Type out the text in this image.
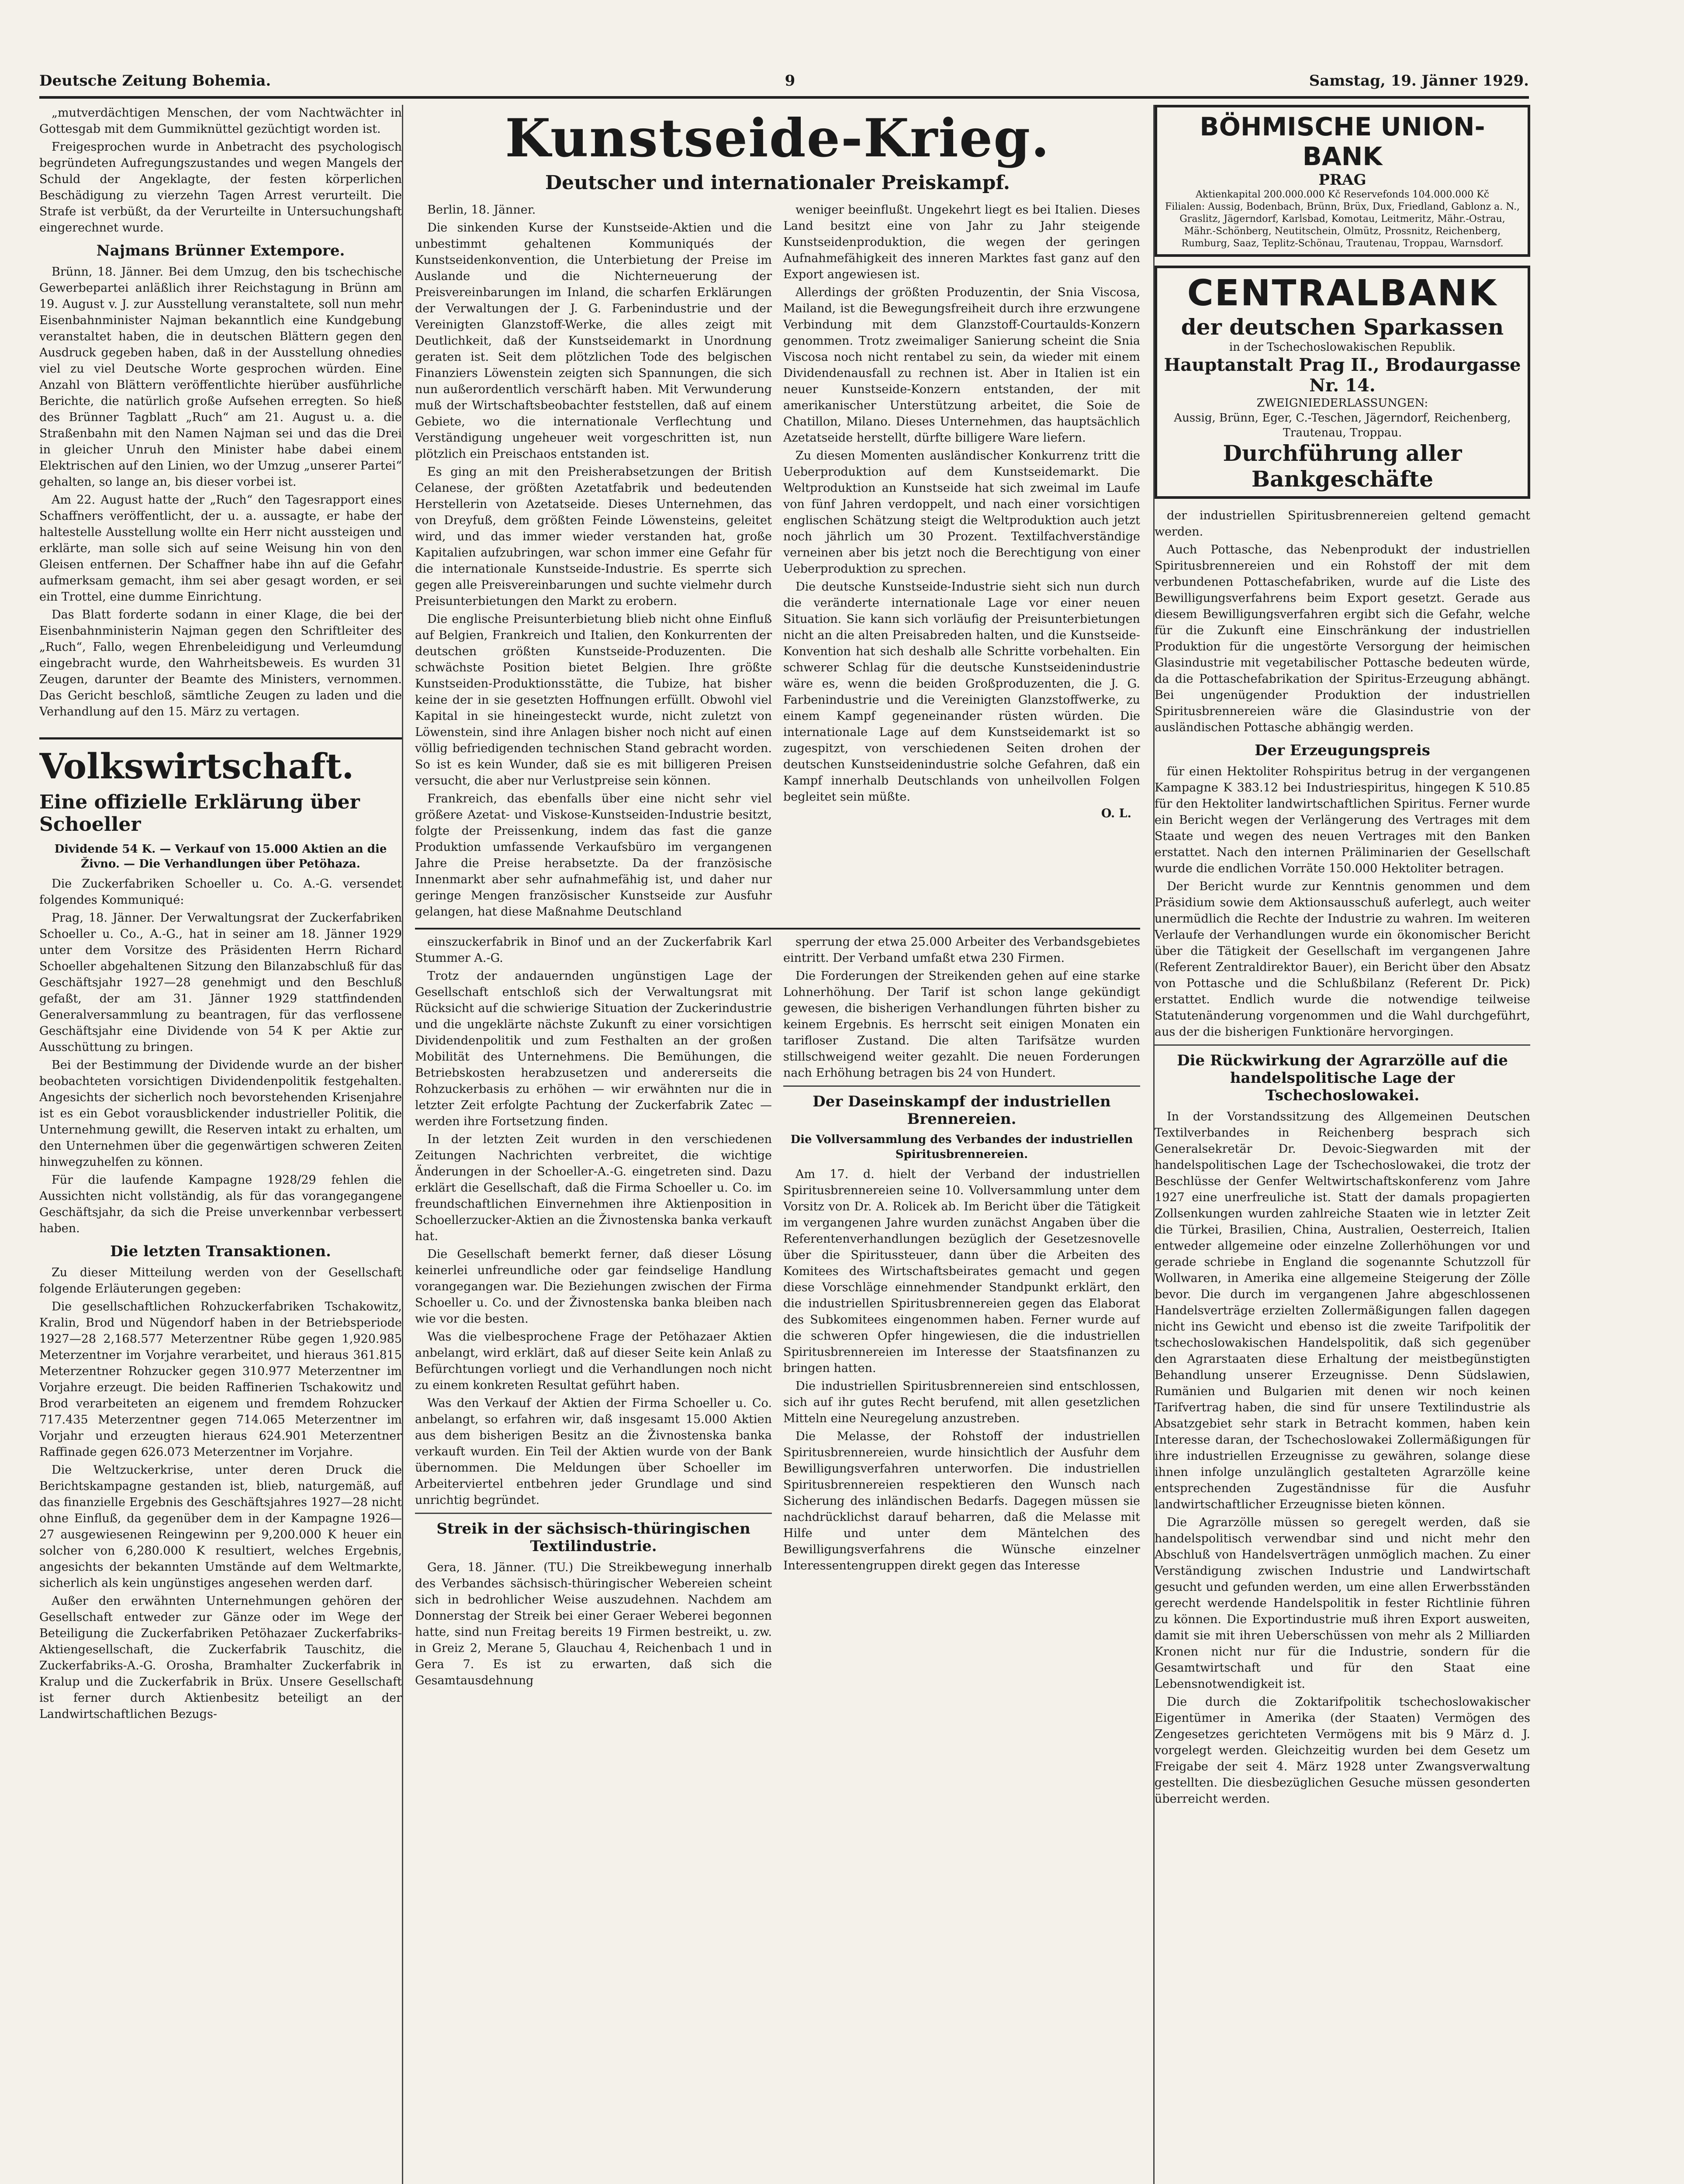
Deutsche Zeitung Bohemia.	9	Samstag, 19. Jänner 1929.

„mutverdächtigen Menschen, der vom Nachtwächter in Gottesgab mit dem Gummiknüttel gezüchtigt worden ist.

Freigesprochen wurde in Anbetracht des psychologisch begründeten Aufregungszustandes und wegen Mangels der Schuld der Angeklagte, der festen körperlichen Beschädigung zu vierzehn Tagen Arrest verurteilt. Die Strafe ist verbüßt, da der Verurteilte in Untersuchungshaft eingerechnet wurde.

Najmans Brünner Extempore.

Brünn, 18. Jänner. Bei dem Umzug, den bis tschechische Gewerbepartei anläßlich ihrer Reichstagung in Brünn am 19. August v. J. zur Ausstellung veranstaltete, soll nun mehr Eisenbahnminister Najman bekanntlich eine Kundgebung veranstaltet haben, die in deutschen Blättern gegen den Ausdruck gegeben haben, daß in der Ausstellung ohnedies viel zu viel Deutsche Worte gesprochen würden. Eine Anzahl von Blättern veröffentlichte hierüber ausführliche Berichte, die natürlich große Aufsehen erregten. So hieß des Brünner Tagblatt „Ruch“ am 21. August u. a. die Straßenbahn mit den Namen Najman sei und das die Drei in gleicher Unruh den Minister habe dabei einem Elektrischen auf den Linien, wo der Umzug „unserer Partei“ gehalten, so lange an, bis dieser vorbei ist.

Am 22. August hatte der „Ruch“ den Tagesrapport eines Schaffners veröffentlicht, der u. a. aussagte, er habe der haltestelle Ausstellung wollte ein Herr nicht aussteigen und erklärte, man solle sich auf seine Weisung hin von den Gleisen entfernen. Der Schaffner habe ihn auf die Gefahr aufmerksam gemacht, ihm sei aber gesagt worden, er sei ein Trottel, eine dumme Einrichtung.

Das Blatt forderte sodann in einer Klage, die bei der Eisenbahnministerin Najman gegen den Schriftleiter des „Ruch“, Fallo, wegen Ehrenbeleidigung und Verleumdung eingebracht wurde, den Wahrheitsbeweis. Es wurden 31 Zeugen, darunter der Beamte des Ministers, vernommen. Das Gericht beschloß, sämtliche Zeugen zu laden und die Verhandlung auf den 15. März zu vertagen.

Volkswirtschaft.
Eine offizielle Erklärung über Schoeller
Dividende 54 K. — Verkauf von 15.000 Aktien an die Živno. — Die Verhandlungen über Petöhaza.

Die Zuckerfabriken Schoeller u. Co. A.-G. versendet folgendes Kommuniqué:

Prag, 18. Jänner. Der Verwaltungsrat der Zuckerfabriken Schoeller u. Co., A.-G., hat in seiner am 18. Jänner 1929 unter dem Vorsitze des Präsidenten Herrn Richard Schoeller abgehaltenen Sitzung den Bilanzabschluß für das Geschäftsjahr 1927—28 genehmigt und den Beschluß gefaßt, der am 31. Jänner 1929 stattfindenden Generalversammlung zu beantragen, für das verflossene Geschäftsjahr eine Dividende von 54 K per Aktie zur Ausschüttung zu bringen.

Bei der Bestimmung der Dividende wurde an der bisher beobachteten vorsichtigen Dividendenpolitik festgehalten. Angesichts der sicherlich noch bevorstehenden Krisenjahre ist es ein Gebot vorausblickender industrieller Politik, die Unternehmung gewillt, die Reserven intakt zu erhalten, um den Unternehmen über die gegenwärtigen schweren Zeiten hinwegzuhelfen zu können.

Für die laufende Kampagne 1928/29 fehlen die Aussichten nicht vollständig, als für das vorangegangene Geschäftsjahr, da sich die Preise unverkennbar verbessert haben.

Die letzten Transaktionen.

Zu dieser Mitteilung werden von der Gesellschaft folgende Erläuterungen gegeben:

Die gesellschaftlichen Rohzuckerfabriken Tschakowitz, Kralin, Brod und Nügendorf haben in der Betriebsperiode 1927—28 2,168.577 Meterzentner Rübe gegen 1,920.985 Meterzentner im Vorjahre verarbeitet, und hieraus 361.815 Meterzentner Rohzucker gegen 310.977 Meterzentner im Vorjahre erzeugt. Die beiden Raffinerien Tschakowitz und Brod verarbeiteten an eigenem und fremdem Rohzucker 717.435 Meterzentner gegen 714.065 Meterzentner im Vorjahr und erzeugten hieraus 624.901 Meterzentner Raffinade gegen 626.073 Meterzentner im Vorjahre.

Die Weltzuckerkrise, unter deren Druck die Berichtskampagne gestanden ist, blieb, naturgemäß, auf das finanzielle Ergebnis des Geschäftsjahres 1927—28 nicht ohne Einfluß, da gegenüber dem in der Kampagne 1926—27 ausgewiesenen Reingewinn per 9,200.000 K heuer ein solcher von 6,280.000 K resultiert, welches Ergebnis, angesichts der bekannten Umstände auf dem Weltmarkte, sicherlich als kein ungünstiges angesehen werden darf.

Außer den erwähnten Unternehmungen gehören der Gesellschaft entweder zur Gänze oder im Wege der Beteiligung die Zuckerfabriken Petöhazaer Zuckerfabriks-Aktiengesellschaft, die Zuckerfabrik Tauschitz, die Zuckerfabriks-A.-G. Orosha, Bramhalter Zuckerfabrik in Kralup und die Zuckerfabrik in Brüx. Unsere Gesellschaft ist ferner durch Aktienbesitz beteiligt an der Landwirtschaftlichen Bezugs-

Kunstseide-Krieg.
Deutscher und internationaler Preiskampf.

Berlin, 18. Jänner.

Die sinkenden Kurse der Kunstseide-Aktien und die unbestimmt gehaltenen Kommuniqués der Kunstseidenkonvention, die Unterbietung der Preise im Auslande und die Nichterneuerung der Preisvereinbarungen im Inland, die scharfen Erklärungen der Verwaltungen der J. G. Farbenindustrie und der Vereinigten Glanzstoff-Werke, die alles zeigt mit Deutlichkeit, daß der Kunstseidemarkt in Unordnung geraten ist. Seit dem plötzlichen Tode des belgischen Finanziers Löwenstein zeigten sich Spannungen, die sich nun außerordentlich verschärft haben. Mit Verwunderung muß der Wirtschaftsbeobachter feststellen, daß auf einem Gebiete, wo die internationale Verflechtung und Verständigung ungeheuer weit vorgeschritten ist, nun plötzlich ein Preischaos entstanden ist.

Es ging an mit den Preisherabsetzungen der British Celanese, der größten Azetatfabrik und bedeutenden Herstellerin von Azetatseide. Dieses Unternehmen, das von Dreyfuß, dem größten Feinde Löwensteins, geleitet wird, und das immer wieder verstanden hat, große Kapitalien aufzubringen, war schon immer eine Gefahr für die internationale Kunstseide-Industrie. Es sperrte sich gegen alle Preisvereinbarungen und suchte vielmehr durch Preisunterbietungen den Markt zu erobern.

Die englische Preisunterbietung blieb nicht ohne Einfluß auf Belgien, Frankreich und Italien, den Konkurrenten der deutschen größten Kunstseide-Produzenten. Die schwächste Position bietet Belgien. Ihre größte Kunstseiden-Produktionsstätte, die Tubize, hat bisher keine der in sie gesetzten Hoffnungen erfüllt. Obwohl viel Kapital in sie hineingesteckt wurde, nicht zuletzt von Löwenstein, sind ihre Anlagen bisher noch nicht auf einen völlig befriedigenden technischen Stand gebracht worden. So ist es kein Wunder, daß sie es mit billigeren Preisen versucht, die aber nur Verlustpreise sein können.

Frankreich, das ebenfalls über eine nicht sehr viel größere Azetat- und Viskose-Kunstseiden-Industrie besitzt, folgte der Preissenkung, indem das fast die ganze Produktion umfassende Verkaufsbüro im vergangenen Jahre die Preise herabsetzte. Da der französische Innenmarkt aber sehr aufnahmefähig ist, und daher nur geringe Mengen französischer Kunstseide zur Ausfuhr gelangen, hat diese Maßnahme Deutschland

weniger beeinflußt. Ungekehrt liegt es bei Italien. Dieses Land besitzt eine von Jahr zu Jahr steigende Kunstseidenproduktion, die wegen der geringen Aufnahmefähigkeit des inneren Marktes fast ganz auf den Export angewiesen ist.

Allerdings der größten Produzentin, der Snia Viscosa, Mailand, ist die Bewegungsfreiheit durch ihre erzwungene Verbindung mit dem Glanzstoff-Courtaulds-Konzern genommen. Trotz zweimaliger Sanierung scheint die Snia Viscosa noch nicht rentabel zu sein, da wieder mit einem Dividendenausfall zu rechnen ist. Aber in Italien ist ein neuer Kunstseide-Konzern entstanden, der mit amerikanischer Unterstützung arbeitet, die Soie de Chatillon, Milano. Dieses Unternehmen, das hauptsächlich Azetatseide herstellt, dürfte billigere Ware liefern.

Zu diesen Momenten ausländischer Konkurrenz tritt die Ueberproduktion auf dem Kunstseidemarkt. Die Weltproduktion an Kunstseide hat sich zweimal im Laufe von fünf Jahren verdoppelt, und nach einer vorsichtigen englischen Schätzung steigt die Weltproduktion auch jetzt noch jährlich um 30 Prozent. Textilfachverständige verneinen aber bis jetzt noch die Berechtigung von einer Ueberproduktion zu sprechen.

Die deutsche Kunstseide-Industrie sieht sich nun durch die veränderte internationale Lage vor einer neuen Situation. Sie kann sich vorläufig der Preisunterbietungen nicht an die alten Preisabreden halten, und die Kunstseide-Konvention hat sich deshalb alle Schritte vorbehalten. Ein schwerer Schlag für die deutsche Kunstseidenindustrie wäre es, wenn die beiden Großproduzenten, die J. G. Farbenindustrie und die Vereinigten Glanzstoffwerke, zu einem Kampf gegeneinander rüsten würden. Die internationale Lage auf dem Kunstseidemarkt ist so zugespitzt, von verschiedenen Seiten drohen der deutschen Kunstseidenindustrie solche Gefahren, daß ein Kampf innerhalb Deutschlands von unheilvollen Folgen begleitet sein müßte.

O. L.

einszuckerfabrik in Binof und an der Zuckerfabrik Karl Stummer A.-G.

Trotz der andauernden ungünstigen Lage der Gesellschaft entschloß sich der Verwaltungsrat mit Rücksicht auf die schwierige Situation der Zuckerindustrie und die ungeklärte nächste Zukunft zu einer vorsichtigen Dividendenpolitik und zum Festhalten an der großen Mobilität des Unternehmens. Die Bemühungen, die Betriebskosten herabzusetzen und andererseits die Rohzuckerbasis zu erhöhen — wir erwähnten nur die in letzter Zeit erfolgte Pachtung der Zuckerfabrik Zatec — werden ihre Fortsetzung finden.

In der letzten Zeit wurden in den verschiedenen Zeitungen Nachrichten verbreitet, die wichtige Änderungen in der Schoeller-A.-G. eingetreten sind. Dazu erklärt die Gesellschaft, daß die Firma Schoeller u. Co. im freundschaftlichen Einvernehmen ihre Aktienposition in Schoellerzucker-Aktien an die Živnostenska banka verkauft hat.

Die Gesellschaft bemerkt ferner, daß dieser Lösung keinerlei unfreundliche oder gar feindselige Handlung vorangegangen war. Die Beziehungen zwischen der Firma Schoeller u. Co. und der Živnostenska banka bleiben nach wie vor die besten.

Was die vielbesprochene Frage der Petöhazaer Aktien anbelangt, wird erklärt, daß auf dieser Seite kein Anlaß zu Befürchtungen vorliegt und die Verhandlungen noch nicht zu einem konkreten Resultat geführt haben.

Was den Verkauf der Aktien der Firma Schoeller u. Co. anbelangt, so erfahren wir, daß insgesamt 15.000 Aktien aus dem bisherigen Besitz an die Živnostenska banka verkauft wurden. Ein Teil der Aktien wurde von der Bank übernommen. Die Meldungen über Schoeller im Arbeiterviertel entbehren jeder Grundlage und sind unrichtig begründet.

Streik in der sächsisch-thüringischen Textilindustrie.

Gera, 18. Jänner. (TU.) Die Streikbewegung innerhalb des Verbandes sächsisch-thüringischer Webereien scheint sich in bedrohlicher Weise auszudehnen. Nachdem am Donnerstag der Streik bei einer Geraer Weberei begonnen hatte, sind nun Freitag bereits 19 Firmen bestreikt, u. zw. in Greiz 2, Merane 5, Glauchau 4, Reichenbach 1 und in Gera 7. Es ist zu erwarten, daß sich die Gesamtausdehnung

sperrung der etwa 25.000 Arbeiter des Verbandsgebietes eintritt. Der Verband umfaßt etwa 230 Firmen.

Die Forderungen der Streikenden gehen auf eine starke Lohnerhöhung. Der Tarif ist schon lange gekündigt gewesen, die bisherigen Verhandlungen führten bisher zu keinem Ergebnis. Es herrscht seit einigen Monaten ein tarifloser Zustand. Die alten Tarifsätze wurden stillschweigend weiter gezahlt. Die neuen Forderungen nach Erhöhung betragen bis 24 von Hundert.

Der Daseinskampf der industriellen Brennereien.
Die Vollversammlung des Verbandes der industriellen Spiritusbrennereien.

Am 17. d. hielt der Verband der industriellen Spiritusbrennereien seine 10. Vollversammlung unter dem Vorsitz von Dr. A. Rolicek ab. Im Bericht über die Tätigkeit im vergangenen Jahre wurden zunächst Angaben über die Referentenverhandlungen bezüglich der Gesetzesnovelle über die Spiritussteuer, dann über die Arbeiten des Komitees des Wirtschaftsbeirates gemacht und gegen diese Vorschläge einnehmender Standpunkt erklärt, den die industriellen Spiritusbrennereien gegen das Elaborat des Subkomitees eingenommen haben. Ferner wurde auf die schweren Opfer hingewiesen, die die industriellen Spiritusbrennereien im Interesse der Staatsfinanzen zu bringen hatten.

Die industriellen Spiritusbrennereien sind entschlossen, sich auf ihr gutes Recht berufend, mit allen gesetzlichen Mitteln eine Neuregelung anzustreben.

Die Melasse, der Rohstoff der industriellen Spiritusbrennereien, wurde hinsichtlich der Ausfuhr dem Bewilligungsverfahren unterworfen. Die industriellen Spiritusbrennereien respektieren den Wunsch nach Sicherung des inländischen Bedarfs. Dagegen müssen sie nachdrücklichst darauf beharren, daß die Melasse mit Hilfe und unter dem Mäntelchen des Bewilligungsverfahrens die Wünsche einzelner Interessentengruppen direkt gegen das Interesse

BÖHMISCHE UNION-BANK
PRAG
Aktienkapital 200.000.000 Kč Reservefonds 104.000.000 Kč
Filialen: Aussig, Bodenbach, Brünn, Brüx, Dux, Friedland, Gablonz a. N., Graslitz, Jägerndorf, Karlsbad, Komotau, Leitmeritz, Mähr.-Ostrau, Mähr.-Schönberg, Neutitschein, Olmütz, Prossnitz, Reichenberg, Rumburg, Saaz, Teplitz-Schönau, Trautenau, Troppau, Warnsdorf.
CENTRALBANK
der deutschen Sparkassen
in der Tschechoslowakischen Republik.
Hauptanstalt Prag II., Brodaurgasse Nr. 14.
ZWEIGNIEDERLASSUNGEN:
Aussig, Brünn, Eger, C.-Teschen, Jägerndorf, Reichenberg, Trautenau, Troppau.
Durchführung aller Bankgeschäfte

der industriellen Spiritusbrennereien geltend gemacht werden.

Auch Pottasche, das Nebenprodukt der industriellen Spiritusbrennereien und ein Rohstoff der mit dem verbundenen Pottaschefabriken, wurde auf die Liste des Bewilligungsverfahrens beim Export gesetzt. Gerade aus diesem Bewilligungsverfahren ergibt sich die Gefahr, welche für die Zukunft eine Einschränkung der industriellen Produktion für die ungestörte Versorgung der heimischen Glasindustrie mit vegetabilischer Pottasche bedeuten würde, da die Pottaschefabrikation der Spiritus-Erzeugung abhängt. Bei ungenügender Produktion der industriellen Spiritusbrennereien wäre die Glasindustrie von der ausländischen Pottasche abhängig werden.

Der Erzeugungspreis

für einen Hektoliter Rohspiritus betrug in der vergangenen Kampagne K 383.12 bei Industriespiritus, hingegen K 510.85 für den Hektoliter landwirtschaftlichen Spiritus. Ferner wurde ein Bericht wegen der Verlängerung des Vertrages mit dem Staate und wegen des neuen Vertrages mit den Banken erstattet. Nach den internen Präliminarien der Gesellschaft wurde die endlichen Vorräte 150.000 Hektoliter betragen.

Der Bericht wurde zur Kenntnis genommen und dem Präsidium sowie dem Aktionsausschuß auferlegt, auch weiter unermüdlich die Rechte der Industrie zu wahren. Im weiteren Verlaufe der Verhandlungen wurde ein ökonomischer Bericht über die Tätigkeit der Gesellschaft im vergangenen Jahre (Referent Zentraldirektor Bauer), ein Bericht über den Absatz von Pottasche und die Schlußbilanz (Referent Dr. Pick) erstattet. Endlich wurde die notwendige teilweise Statutenänderung vorgenommen und die Wahl durchgeführt, aus der die bisherigen Funktionäre hervorgingen.

Die Rückwirkung der Agrarzölle auf die handelspolitische Lage der Tschechoslowakei.

In der Vorstandssitzung des Allgemeinen Deutschen Textilverbandes in Reichenberg besprach sich Generalsekretär Dr. Devoic-Siegwarden mit der handelspolitischen Lage der Tschechoslowakei, die trotz der Beschlüsse der Genfer Weltwirtschaftskonferenz vom Jahre 1927 eine unerfreuliche ist. Statt der damals propagierten Zollsenkungen wurden zahlreiche Staaten wie in letzter Zeit die Türkei, Brasilien, China, Australien, Oesterreich, Italien entweder allgemeine oder einzelne Zollerhöhungen vor und gerade schriebe in England die sogenannte Schutzzoll für Wollwaren, in Amerika eine allgemeine Steigerung der Zölle bevor. Die durch im vergangenen Jahre abgeschlossenen Handelsverträge erzielten Zollermäßigungen fallen dagegen nicht ins Gewicht und ebenso ist die zweite Tarifpolitik der tschechoslowakischen Handelspolitik, daß sich gegenüber den Agrarstaaten diese Erhaltung der meistbegünstigten Behandlung unserer Erzeugnisse. Denn Südslawien, Rumänien und Bulgarien mit denen wir noch keinen Tarifvertrag haben, die sind für unsere Textilindustrie als Absatzgebiet sehr stark in Betracht kommen, haben kein Interesse daran, der Tschechoslowakei Zollermäßigungen für ihre industriellen Erzeugnisse zu gewähren, solange diese ihnen infolge unzulänglich gestalteten Agrarzölle keine entsprechenden Zugeständnisse für die Ausfuhr landwirtschaftlicher Erzeugnisse bieten können.

Die Agrarzölle müssen so geregelt werden, daß sie handelspolitisch verwendbar sind und nicht mehr den Abschluß von Handelsverträgen unmöglich machen. Zu einer Verständigung zwischen Industrie und Landwirtschaft gesucht und gefunden werden, um eine allen Erwerbsständen gerecht werdende Handelspolitik in fester Richtlinie führen zu können. Die Exportindustrie muß ihren Export ausweiten, damit sie mit ihren Ueberschüssen von mehr als 2 Milliarden Kronen nicht nur für die Industrie, sondern für die Gesamtwirtschaft und für den Staat eine Lebensnotwendigkeit ist.

Die durch die Zoktarifpolitik tschechoslowakischer Eigentümer in Amerika (der Staaten) Vermögen des Zengesetzes gerichteten Vermögens mit bis 9 März d. J. vorgelegt werden. Gleichzeitig wurden bei dem Gesetz um Freigabe der seit 4. März 1928 unter Zwangsverwaltung gestellten. Die diesbezüglichen Gesuche müssen gesonderten überreicht werden.
